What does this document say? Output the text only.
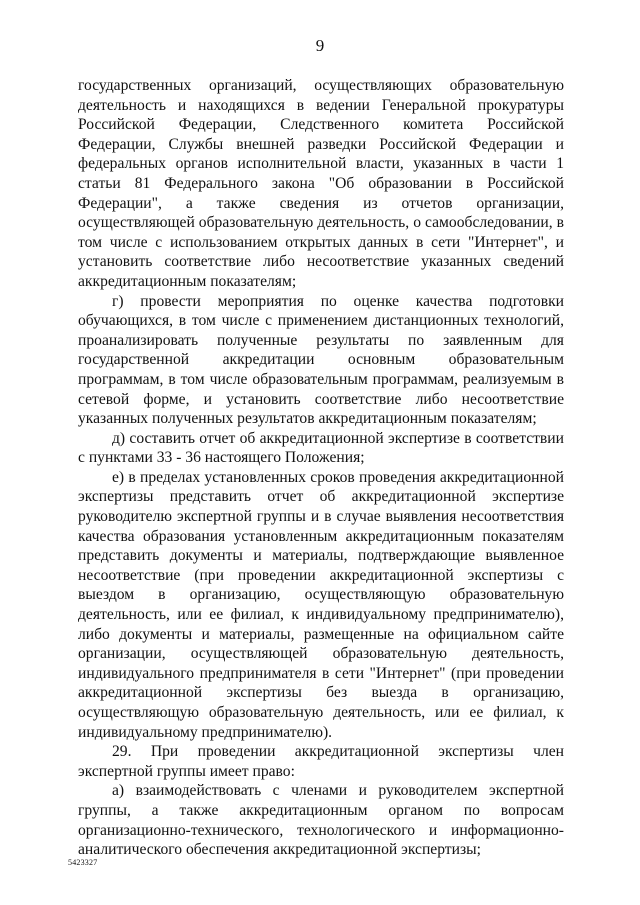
9

государственных организаций, осуществляющих образовательную деятельность и находящихся в ведении Генеральной прокуратуры Российской Федерации, Следственного комитета Российской Федерации, Службы внешней разведки Российской Федерации и федеральных органов исполнительной власти, указанных в части 1 статьи 81 Федерального закона "Об образовании в Российской Федерации", а также сведения из отчетов организации, осуществляющей образовательную деятельность, о самообследовании, в том числе с использованием открытых данных в сети "Интернет", и установить соответствие либо несоответствие указанных сведений аккредитационным показателям;

г) провести мероприятия по оценке качества подготовки обучающихся, в том числе с применением дистанционных технологий, проанализировать полученные результаты по заявленным для государственной аккредитации основным образовательным программам, в том числе образовательным программам, реализуемым в сетевой форме, и установить соответствие либо несоответствие указанных полученных результатов аккредитационным показателям;

д) составить отчет об аккредитационной экспертизе в соответствии с пунктами 33 - 36 настоящего Положения;

е) в пределах установленных сроков проведения аккредитационной экспертизы представить отчет об аккредитационной экспертизе руководителю экспертной группы и в случае выявления несоответствия качества образования установленным аккредитационным показателям представить документы и материалы, подтверждающие выявленное несоответствие (при проведении аккредитационной экспертизы с выездом в организацию, осуществляющую образовательную деятельность, или ее филиал, к индивидуальному предпринимателю), либо документы и материалы, размещенные на официальном сайте организации, осуществляющей образовательную деятельность, индивидуального предпринимателя в сети "Интернет" (при проведении аккредитационной экспертизы без выезда в организацию, осуществляющую образовательную деятельность, или ее филиал, к индивидуальному предпринимателю).

29. При проведении аккредитационной экспертизы член экспертной группы имеет право:

а) взаимодействовать с членами и руководителем экспертной группы, а также аккредитационным органом по вопросам организационно-технического, технологического и информационно-аналитического обеспечения аккредитационной экспертизы;

5423327
